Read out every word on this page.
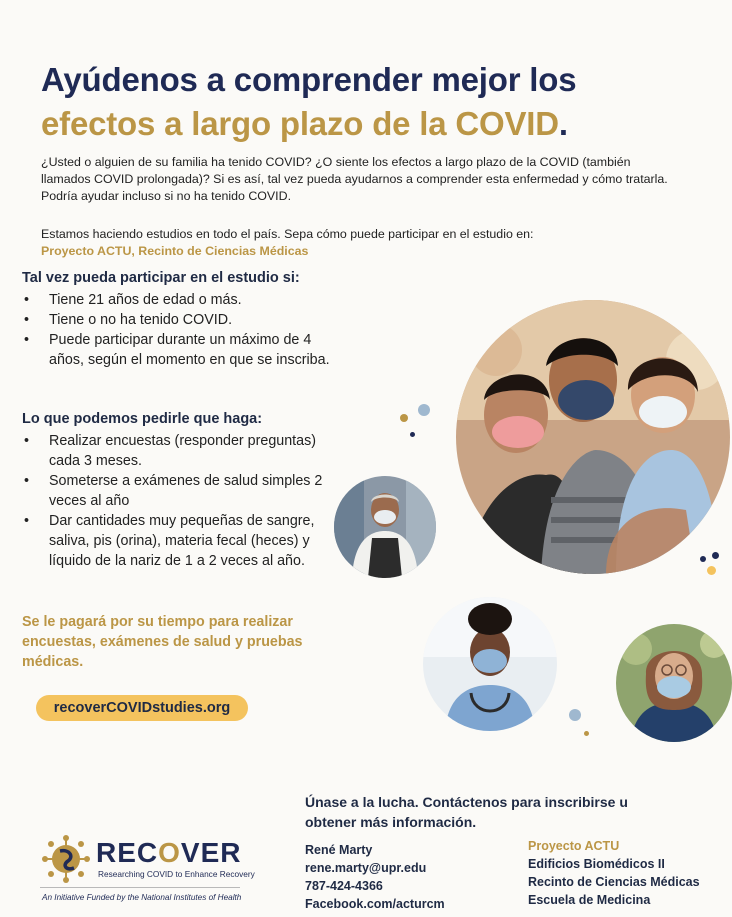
Ayúdenos a comprender mejor los
efectos a largo plazo de la COVID.

¿Usted o alguien de su familia ha tenido COVID? ¿O siente los efectos a largo plazo de la COVID (también llamados COVID prolongada)? Si es así, tal vez pueda ayudarnos a comprender esta enfermedad y cómo tratarla. Podría ayudar incluso si no ha tenido COVID.

Estamos haciendo estudios en todo el país. Sepa cómo puede participar en el estudio en:
Proyecto ACTU, Recinto de Ciencias Médicas

Tal vez pueda participar en el estudio si:
• Tiene 21 años de edad o más.
• Tiene o no ha tenido COVID.
• Puede participar durante un máximo de 4 años, según el momento en que se inscriba.
Lo que podemos pedirle que haga:
• Realizar encuestas (responder preguntas) cada 3 meses.
• Someterse a exámenes de salud simples 2 veces al año
• Dar cantidades muy pequeñas de sangre, saliva, pis (orina), materia fecal (heces) y líquido de la nariz de 1 a 2 veces al año.

Se le pagará por su tiempo para realizar encuestas, exámenes de salud y pruebas médicas.

recoverCOVIDstudies.org

Únase a la lucha. Contáctenos para inscribirse u obtener más información.

René Marty
rene.marty@upr.edu
787-424-4366
Facebook.com/acturcm
Proyecto ACTU
Edificios Biomédicos II
Recinto de Ciencias Médicas
Escuela de Medicina
RECOVER
Researching COVID to Enhance Recovery
An Initiative Funded by the National Institutes of Health
